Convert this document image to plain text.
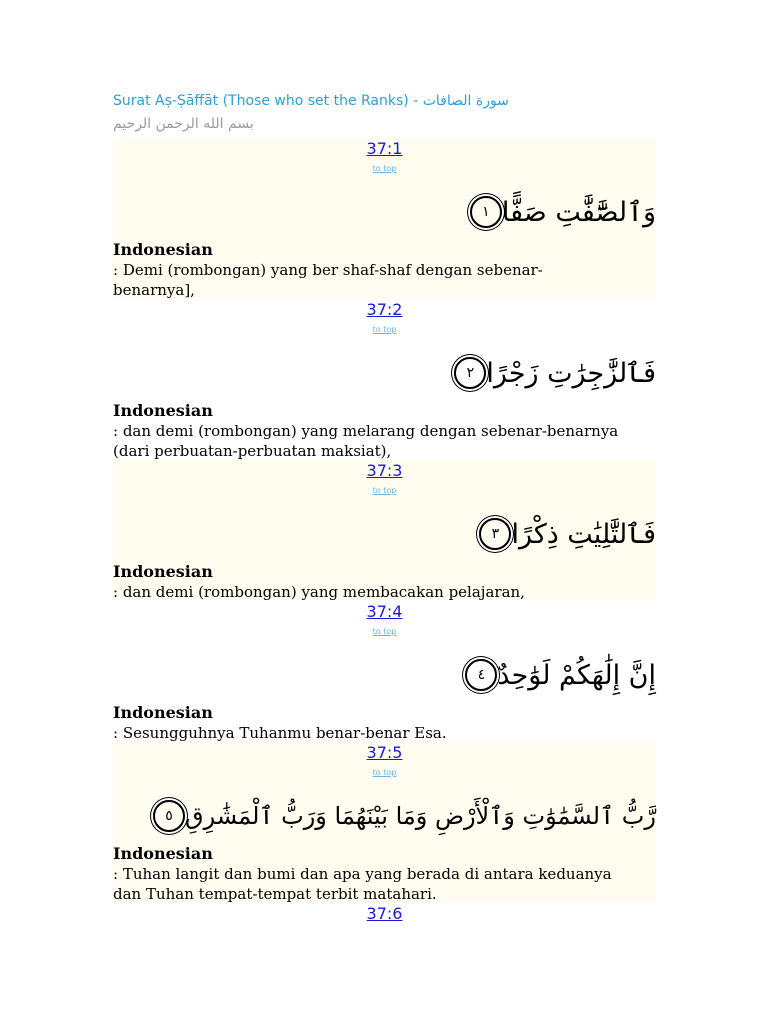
Surat Aṣ-Ṣāffāt (Those who set the Ranks) - سورة الصافات
بسم الله الرحمن الرحيم
37:1
to top
وَٱلصَّٰٓفَّٰتِ صَفًّا
١
Indonesian
: Demi (rombongan) yang ber shaf-shaf dengan sebenar-benarnya],
37:2
to top
فَٱلزَّٰجِرَٰتِ زَجْرًا
٢
Indonesian
: dan demi (rombongan) yang melarang dengan sebenar-benarnya (dari perbuatan-perbuatan maksiat),
37:3
to top
فَٱلتَّٰلِيَٰتِ ذِكْرًا
٣
Indonesian
: dan demi (rombongan) yang membacakan pelajaran,
37:4
to top
إِنَّ إِلَٰهَكُمْ لَوَٰحِدٌ
٤
Indonesian
: Sesungguhnya Tuhanmu benar-benar Esa.
37:5
to top
رَّبُّ ٱلسَّمَٰوَٰتِ وَٱلْأَرْضِ وَمَا بَيْنَهُمَا وَرَبُّ ٱلْمَشَٰرِقِ
٥
Indonesian
: Tuhan langit dan bumi dan apa yang berada di antara keduanya dan Tuhan tempat-tempat terbit matahari.
37:6
